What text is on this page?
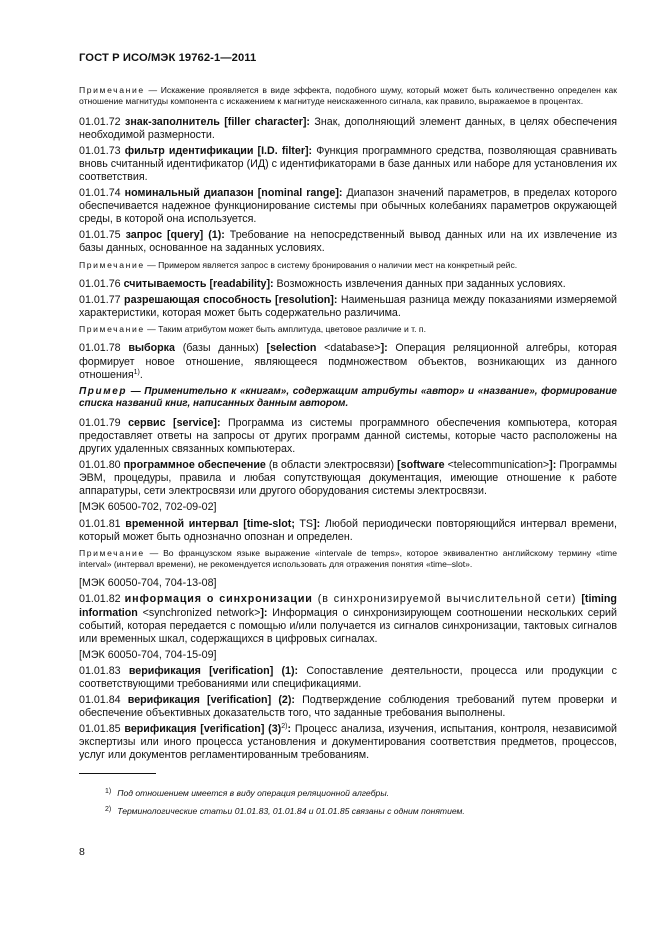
ГОСТ Р ИСО/МЭК 19762-1—2011

Примечание — Искажение проявляется в виде эффекта, подобного шуму, который может быть количественно определен как отношение магнитуды компонента с искажением к магнитуде неискаженного сигнала, как правило, выражаемое в процентах.

01.01.72 знак-заполнитель [filler character]: Знак, дополняющий элемент данных, в целях обеспечения необходимой размерности.

01.01.73 фильтр идентификации [I.D. filter]: Функция программного средства, позволяющая сравнивать вновь считанный идентификатор (ИД) с идентификаторами в базе данных или наборе для установления их соответствия.

01.01.74 номинальный диапазон [nominal range]: Диапазон значений параметров, в пределах которого обеспечивается надежное функционирование системы при обычных колебаниях параметров окружающей среды, в которой она используется.

01.01.75 запрос [query] (1): Требование на непосредственный вывод данных или на их извлечение из базы данных, основанное на заданных условиях.

Примечание — Примером является запрос в систему бронирования о наличии мест на конкретный рейс.

01.01.76 считываемость [readability]: Возможность извлечения данных при заданных условиях.

01.01.77 разрешающая способность [resolution]: Наименьшая разница между показаниями измеряемой характеристики, которая может быть содержательно различима.

Примечание — Таким атрибутом может быть амплитуда, цветовое различие и т. п.

01.01.78 выборка (базы данных) [selection <database>]: Операция реляционной алгебры, которая формирует новое отношение, являющееся подмножеством объектов, возникающих из данного отношения$^{1)}$.

Пример — Применительно к «книгам», содержащим атрибуты «автор» и «название», формирование списка названий книг, написанных данным автором.

01.01.79 сервис [service]: Программа из системы программного обеспечения компьютера, которая предоставляет ответы на запросы от других программ данной системы, которые часто расположены на других удаленных связанных компьютерах.

01.01.80 программное обеспечение (в области электросвязи) [software <telecommunication>]: Программы ЭВМ, процедуры, правила и любая сопутствующая документация, имеющие отношение к работе аппаратуры, сети электросвязи или другого оборудования системы электросвязи.

[МЭК 60500-702, 702-09-02]

01.01.81 временной интервал [time-slot; TS]: Любой периодически повторяющийся интервал времени, который может быть однозначно опознан и определен.

Примечание — Во французском языке выражение «intervale de temps», которое эквивалентно английскому термину «time interval» (интервал времени), не рекомендуется использовать для отражения понятия «time–slot».

[МЭК 60050-704, 704-13-08]

01.01.82 информация о синхронизации (в синхронизируемой вычислительной сети) [timing information <synchronized network>]: Информация о синхронизирующем соотношении нескольких серий событий, которая передается с помощью и/или получается из сигналов синхронизации, тактовых сигналов или временных шкал, содержащихся в цифровых сигналах.

[МЭК 60050-704, 704-15-09]

01.01.83 верификация [verification] (1): Сопоставление деятельности, процесса или продукции с соответствующими требованиями или спецификациями.

01.01.84 верификация [verification] (2): Подтверждение соблюдения требований путем проверки и обеспечение объективных доказательств того, что заданные требования выполнены.

01.01.85 верификация [verification] $(3)^{2)}$: Процесс анализа, изучения, испытания, контроля, независимой экспертизы или иного процесса установления и документирования соответствия предметов, процессов, услуг или документов регламентированным требованиям.

$^{1)}$ Под отношением имеется в виду операция реляционной алгебры.
$^{2)}$ Терминологические статьи 01.01.83, 01.01.84 и 01.01.85 связаны с одним понятием.
8
